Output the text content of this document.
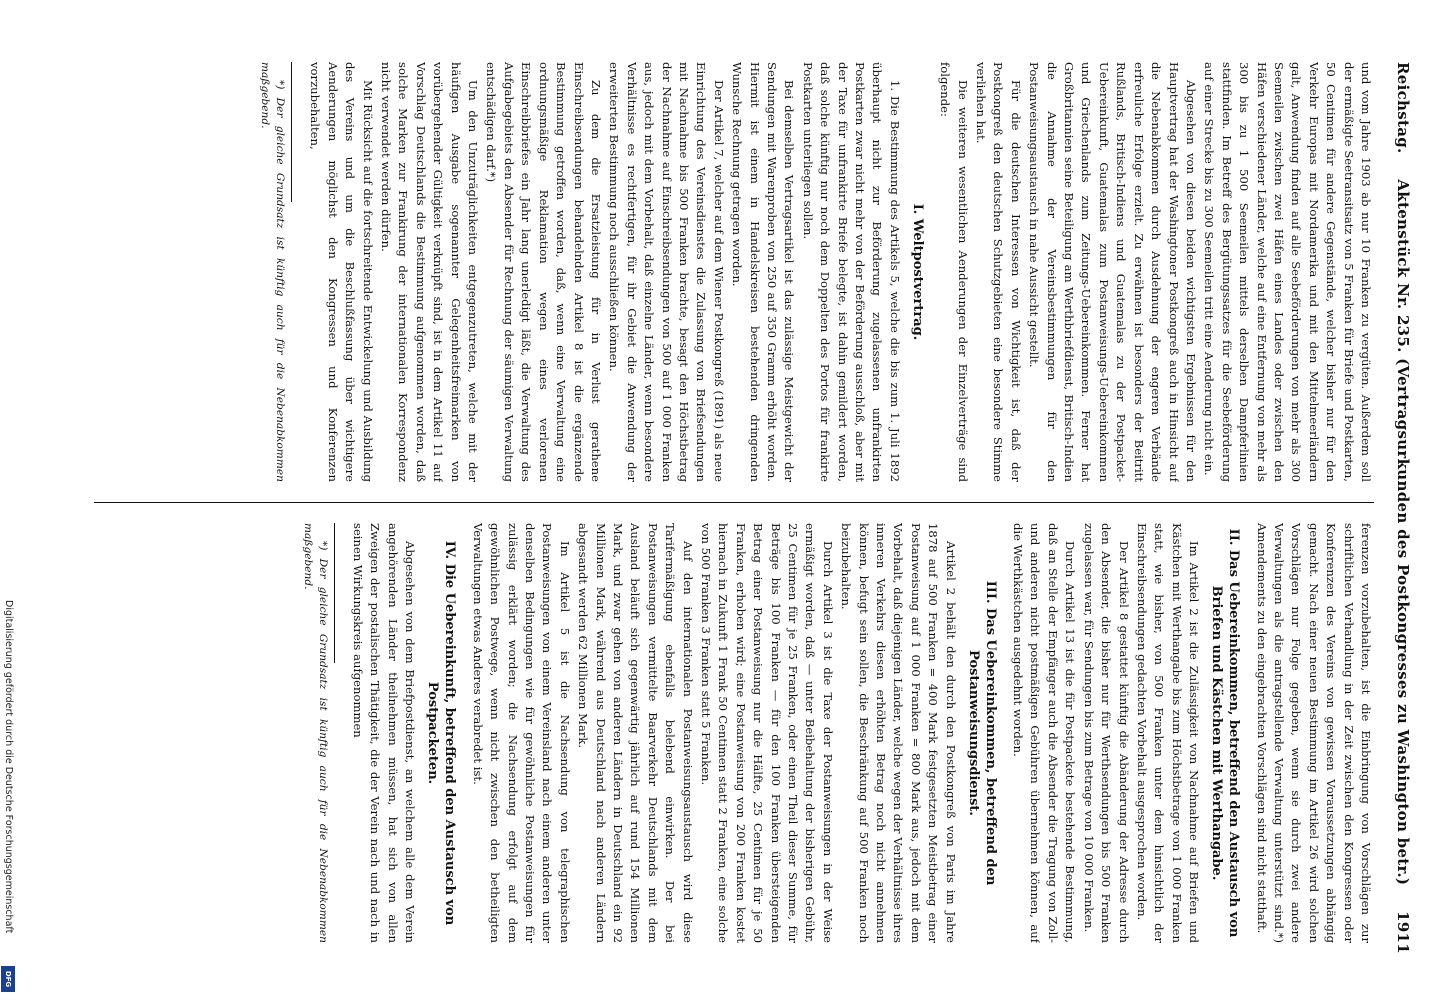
Digitalisierung gefördert durch die Deutsche Forschungsgemeinschaft
DFG
Reichstag.
Aktenstück Nr. 235. (Vertragsurkunden des Postkongresses zu Washington betr.)
1911

und vom Jahre 1903 ab nur 10 Franken zu vergüten. Außerdem soll der ermäßigte Seetransitsatz von 5 Franken für Briefe und Postkarten, 50 Centimen für andere Gegenstände, welcher bisher nur für den Verkehr Europas mit Nordamerika und mit den Mittelmeerländern galt, Anwendung finden auf alle Seebeförderungen von mehr als 300 Seemeilen zwischen zwei Häfen eines Landes oder zwischen den Häfen verschiedener Länder, welche auf eine Entfernung von mehr als 300 bis zu 1 500 Seemeilen mittels derselben Dampferlinien stattfinden. Im Betreff des Bergütungssatzes für die Seebeförderung auf einer Strecke bis zu 300 Seemeilen tritt eine Aenderung nicht ein.

Abgesehen von diesen beiden wichtigsten Ergebnissen für den Hauptvertrag hat der Washingtoner Postkongreß auch in Hinsicht auf die Nebenabkommen durch Ausdehnung der engeren Verbände erfreuliche Erfolge erzielt. Zu erwähnen ist besonders der Beitritt Rußlands, Britisch-Indiens und Guatemalas zu der Postpacket-Uebereinkunft, Guatemalas zum Postanweisungs-Uebereinkommen und Griechenlands zum Zeitungs-Uebereinkommen. Ferner hat Großbritannien seine Beteiligung am Werthbriefdienst, Britisch-Indien die Annahme der Vereinsbestimmungen für den Postanweisungsaustausch in nahe Aussicht gestellt.

Für die deutschen Interessen von Wichtigkeit ist, daß der Postkongreß den deutschen Schutzgebieten eine besondere Stimme verliehen hat.

Die weiteren wesentlichen Aenderungen der Einzelverträge sind folgende:

I. Weltpostvertrag.

1. Die Bestimmung des Artikels 5, welche die bis zum 1. Juli 1892 überhaupt nicht zur Beförderung zugelassenen unfrankirten Postkarten zwar nicht mehr von der Beförderung ausschloß, aber mit der Taxe für unfrankirte Briefe belegte, ist dahin gemildert worden, daß solche künftig nur noch dem Doppelten des Portos für frankirte Postkarten unterliegen sollen.

Bei demselben Vertragsartikel ist das zulässige Meistgewicht der Sendungen mit Warenproben von 250 auf 350 Gramm erhöht worden. Hiermit ist einem in Handelskreisen bestehenden dringenden Wunsche Rechnung getragen worden.

Der Artikel 7, welcher auf dem Wiener Postkongreß (1891) als neue Einrichtung des Vereinsdienstes die Zulassung von Briefsendungen mit Nachnahme bis 500 Franken brachte, besagt den Höchstbetrag der Nachnahme auf Einschreibsendungen von 500 auf 1 000 Franken aus, jedoch mit dem Vorbehalt, daß einzelne Länder, wenn besondere Verhältnisse es rechtfertigen, für ihr Gebiet die Anwendung der erweiterten Bestimmung noch ausschließen können.

Zu dem die Ersatzleistung für in Verlust gerathene Einschreibsendungen behandelnden Artikel 8 ist die ergänzende Bestimmung getroffen worden, daß, wenn eine Verwaltung eine ordnungsmäßige Reklamation wegen eines verlorenen Einschreibbriefes ein Jahr lang unerledigt läßt, die Verwaltung des Aufgabegebiets den Absender für Rechnung der säumigen Verwaltung entschädigen darf.*)

Um den Unzuträglichkeiten entgegenzutreten, welche mit der häufigen Ausgabe sogenannter Gelegenheitsfreimarken von vorübergehender Gültigkeit verknüpft sind, ist in dem Artikel 11 auf Vorschlag Deutschlands die Bestimmung aufgenommen worden, daß solche Marken zur Frankirung der internationalen Korrespondenz nicht verwendet werden dürfen.

Mit Rücksicht auf die fortschreitende Entwickelung und Ausbildung des Vereins und um die Beschlußfassung über wichtigere Aenderungen möglichst den Kongressen und Konferenzen vorzubehalten,

*) Der gleiche Grundsatz ist künftig auch für die Nebenabkommen maßgebend.

ferenzen vorzubehalten, ist die Einbringung von Vorschlägen zur schriftlichen Verhandlung in der Zeit zwischen den Kongressen oder Konferenzen des Vereins von gewissen Voraussetzungen abhängig gemacht. Nach einer neuen Bestimmung im Artikel 26 wird solchen Vorschlägen nur Folge gegeben, wenn sie durch zwei andere Verwaltungen als die antragstellende Verwaltung unterstützt sind.*) Amendements zu den eingebrachten Vorschlägen sind nicht statthaft.

II. Das Uebereinkommen, betreffend den Austausch von Briefen und Kästchen mit Werthangabe.

Im Artikel 2 ist die Zulässigkeit von Nachnahme auf Briefen und Kästchen mit Werthangabe bis zum Höchstbetrage von 1 000 Franken statt, wie bisher, von 500 Franken unter dem hinsichtlich der Einschreibsendungen gedachten Vorbehalt ausgesprochen worden.

Der Artikel 8 gestattet künftig die Abänderung der Adresse durch den Absender, die bisher nur für Werthsendungen bis 500 Franken zugelassen war, für Sendungen bis zum Betrage von 10 000 Franken.

Durch Artikel 13 ist die für Postpackete bestehende Bestimmung, daß an Stelle der Empfänger auch die Absender die Tragung von Zoll- und anderen nicht postmäßigen Gebühren übernehmen können, auf die Werthkästchen ausgedehnt worden.

III. Das Uebereinkommen, betreffend den Postanweisungsdienst.

Artikel 2 behält den durch den Postkongreß von Paris im Jahre 1878 auf 500 Franken = 400 Mark festgesetzten Meistbetrag einer Postanweisung auf 1 000 Franken = 800 Mark aus, jedoch mit dem Vorbehalt, daß diejenigen Länder, welche wegen der Verhältnisse ihres inneren Verkehrs diesen erhöhten Betrag noch nicht annehmen können, befugt sein sollen, die Beschränkung auf 500 Franken noch beizubehalten.

Durch Artikel 3 ist die Taxe der Postanweisungen in der Weise ermäßigt worden, daß — unter Beibehaltung der bisherigen Gebühr, 25 Centimen für je 25 Franken, oder einen Theil dieser Summe, für Beträge bis 100 Franken — für den 100 Franken übersteigenden Betrag einer Postanweisung nur die Hälfte, 25 Centimen für je 50 Franken, erhoben wird; eine Postanweisung von 200 Franken kostet hiernach in Zukunft 1 Frank 50 Centimen statt 2 Franken, eine solche von 500 Franken 3 Franken statt 5 Franken.

Auf den internationalen Postanweisungsaustausch wird diese Tarifermäßigung ebenfalls belebend einwirken. Der bei Postanweisungen vermittelte Baarverkehr Deutschlands mit dem Ausland beläuft sich gegenwärtig jährlich auf rund 154 Millionen Mark, und zwar gehen von anderen Ländern in Deutschland ein 92 Millionen Mark, während aus Deutschland nach anderen Ländern abgesandt werden 62 Millionen Mark.

Im Artikel 5 ist die Nachsendung von telegraphischen Postanweisungen von einem Vereinsland nach einem anderen unter denselben Bedingungen wie für gewöhnliche Postanweisungen für zulässig erklärt worden; die Nachsendung erfolgt auf dem gewöhnlichen Postwege, wenn nicht zwischen den betheiligten Verwaltungen etwas Anderes verabredet ist.

IV. Die Uebereinkunft, betreffend den Austausch von Postpacketen.

Abgesehen von dem Briefpostdienst, an welchem alle dem Verein angehörenden Länder theilnehmen müssen, hat sich von allen Zweigen der postalischen Thätigkeit, die der Verein nach und nach in seinen Wirkungskreis aufgenommen

*) Der gleiche Grundsatz ist künftig auch für die Nebenabkommen maßgebend.
